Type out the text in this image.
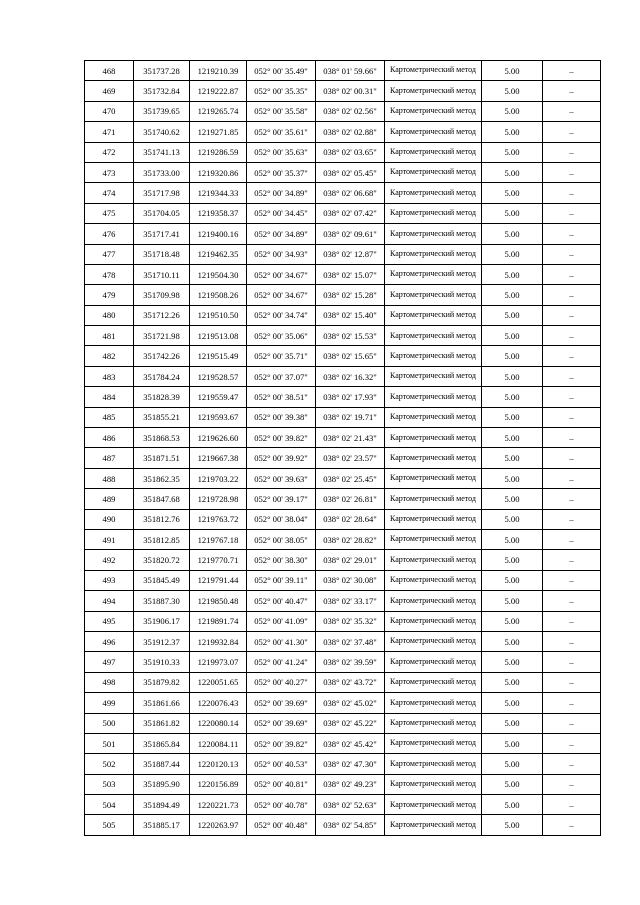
468	351737.28	1219210.39	052° 00' 35.49"	038° 01' 59.66"	Картометрический метод	5.00	–
469	351732.84	1219222.87	052° 00' 35.35"	038° 02' 00.31"	Картометрический метод	5.00	–
470	351739.65	1219265.74	052° 00' 35.58"	038° 02' 02.56"	Картометрический метод	5.00	–
471	351740.62	1219271.85	052° 00' 35.61"	038° 02' 02.88"	Картометрический метод	5.00	–
472	351741.13	1219286.59	052° 00' 35.63"	038° 02' 03.65"	Картометрический метод	5.00	–
473	351733.00	1219320.86	052° 00' 35.37"	038° 02' 05.45"	Картометрический метод	5.00	–
474	351717.98	1219344.33	052° 00' 34.89"	038° 02' 06.68"	Картометрический метод	5.00	–
475	351704.05	1219358.37	052° 00' 34.45"	038° 02' 07.42"	Картометрический метод	5.00	–
476	351717.41	1219400.16	052° 00' 34.89"	038° 02' 09.61"	Картометрический метод	5.00	–
477	351718.48	1219462.35	052° 00' 34.93"	038° 02' 12.87"	Картометрический метод	5.00	–
478	351710.11	1219504.30	052° 00' 34.67"	038° 02' 15.07"	Картометрический метод	5.00	–
479	351709.98	1219508.26	052° 00' 34.67"	038° 02' 15.28"	Картометрический метод	5.00	–
480	351712.26	1219510.50	052° 00' 34.74"	038° 02' 15.40"	Картометрический метод	5.00	–
481	351721.98	1219513.08	052° 00' 35.06"	038° 02' 15.53"	Картометрический метод	5.00	–
482	351742.26	1219515.49	052° 00' 35.71"	038° 02' 15.65"	Картометрический метод	5.00	–
483	351784.24	1219528.57	052° 00' 37.07"	038° 02' 16.32"	Картометрический метод	5.00	–
484	351828.39	1219559.47	052° 00' 38.51"	038° 02' 17.93"	Картометрический метод	5.00	–
485	351855.21	1219593.67	052° 00' 39.38"	038° 02' 19.71"	Картометрический метод	5.00	–
486	351868.53	1219626.60	052° 00' 39.82"	038° 02' 21.43"	Картометрический метод	5.00	–
487	351871.51	1219667.38	052° 00' 39.92"	038° 02' 23.57"	Картометрический метод	5.00	–
488	351862.35	1219703.22	052° 00' 39.63"	038° 02' 25.45"	Картометрический метод	5.00	–
489	351847.68	1219728.98	052° 00' 39.17"	038° 02' 26.81"	Картометрический метод	5.00	–
490	351812.76	1219763.72	052° 00' 38.04"	038° 02' 28.64"	Картометрический метод	5.00	–
491	351812.85	1219767.18	052° 00' 38.05"	038° 02' 28.82"	Картометрический метод	5.00	–
492	351820.72	1219770.71	052° 00' 38.30"	038° 02' 29.01"	Картометрический метод	5.00	–
493	351845.49	1219791.44	052° 00' 39.11"	038° 02' 30.08"	Картометрический метод	5.00	–
494	351887.30	1219850.48	052° 00' 40.47"	038° 02' 33.17"	Картометрический метод	5.00	–
495	351906.17	1219891.74	052° 00' 41.09"	038° 02' 35.32"	Картометрический метод	5.00	–
496	351912.37	1219932.84	052° 00' 41.30"	038° 02' 37.48"	Картометрический метод	5.00	–
497	351910.33	1219973.07	052° 00' 41.24"	038° 02' 39.59"	Картометрический метод	5.00	–
498	351879.82	1220051.65	052° 00' 40.27"	038° 02' 43.72"	Картометрический метод	5.00	–
499	351861.66	1220076.43	052° 00' 39.69"	038° 02' 45.02"	Картометрический метод	5.00	–
500	351861.82	1220080.14	052° 00' 39.69"	038° 02' 45.22"	Картометрический метод	5.00	–
501	351865.84	1220084.11	052° 00' 39.82"	038° 02' 45.42"	Картометрический метод	5.00	–
502	351887.44	1220120.13	052° 00' 40.53"	038° 02' 47.30"	Картометрический метод	5.00	–
503	351895.90	1220156.89	052° 00' 40.81"	038° 02' 49.23"	Картометрический метод	5.00	–
504	351894.49	1220221.73	052° 00' 40.78"	038° 02' 52.63"	Картометрический метод	5.00	–
505	351885.17	1220263.97	052° 00' 40.48"	038° 02' 54.85"	Картометрический метод	5.00	–
